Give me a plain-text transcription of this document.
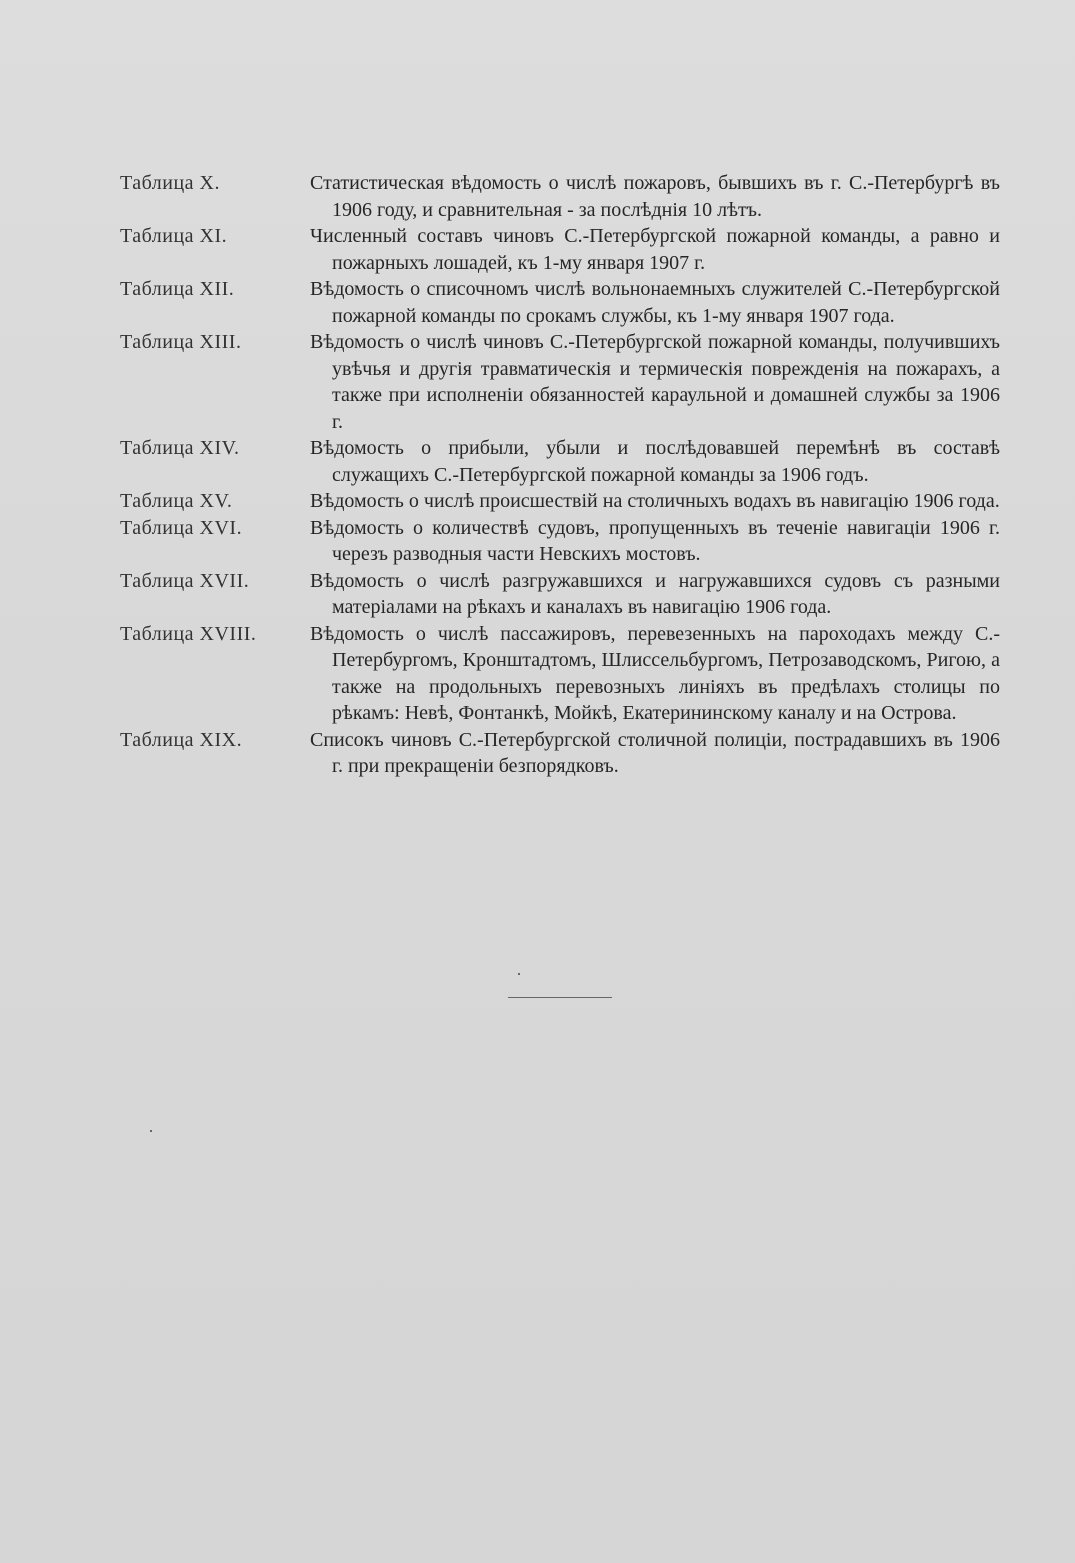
Таблица X.	Статистическая вѣдомость о числѣ пожаровъ, бывшихъ въ г. С.-Петербургѣ въ 1906 году, и сравнительная - за послѣднія 10 лѣтъ.
Таблица XI.	Численный составъ чиновъ С.-Петербургской пожарной команды, а равно и пожарныхъ лошадей, къ 1-му января 1907 г.
Таблица XII.	Вѣдомость о списочномъ числѣ вольнонаемныхъ служителей С.-Петербургской пожарной команды по срокамъ службы, къ 1-му января 1907 года.
Таблица XIII.	Вѣдомость о числѣ чиновъ С.-Петербургской пожарной команды, получившихъ увѣчья и другія травматическія и термическія поврежденія на пожарахъ, а также при исполненіи обязанностей караульной и домашней службы за 1906 г.
Таблица XIV.	Вѣдомость о прибыли, убыли и послѣдовавшей перемѣнѣ въ составѣ служащихъ С.-Петербургской пожарной команды за 1906 годъ.
Таблица XV.	Вѣдомость о числѣ происшествій на столичныхъ водахъ въ навигацію 1906 года.
Таблица XVI.	Вѣдомость о количествѣ судовъ, пропущенныхъ въ теченіе навигаціи 1906 г. черезъ разводныя части Невскихъ мостовъ.
Таблица XVII.	Вѣдомость о числѣ разгружавшихся и нагружавшихся судовъ съ разными матеріалами на рѣкахъ и каналахъ въ навигацію 1906 года.
Таблица XVIII.	Вѣдомость о числѣ пассажировъ, перевезенныхъ на пароходахъ между С.-Петербургомъ, Кронштадтомъ, Шлиссельбургомъ, Петрозаводскомъ, Ригою, а также на продольныхъ перевозныхъ линіяхъ въ предѣлахъ столицы по рѣкамъ: Невѣ, Фонтанкѣ, Мойкѣ, Екатерининскому каналу и на Острова.
Таблица XIX.	Списокъ чиновъ С.-Петербургской столичной полиціи, пострадавшихъ въ 1906 г. при прекращеніи безпорядковъ.
